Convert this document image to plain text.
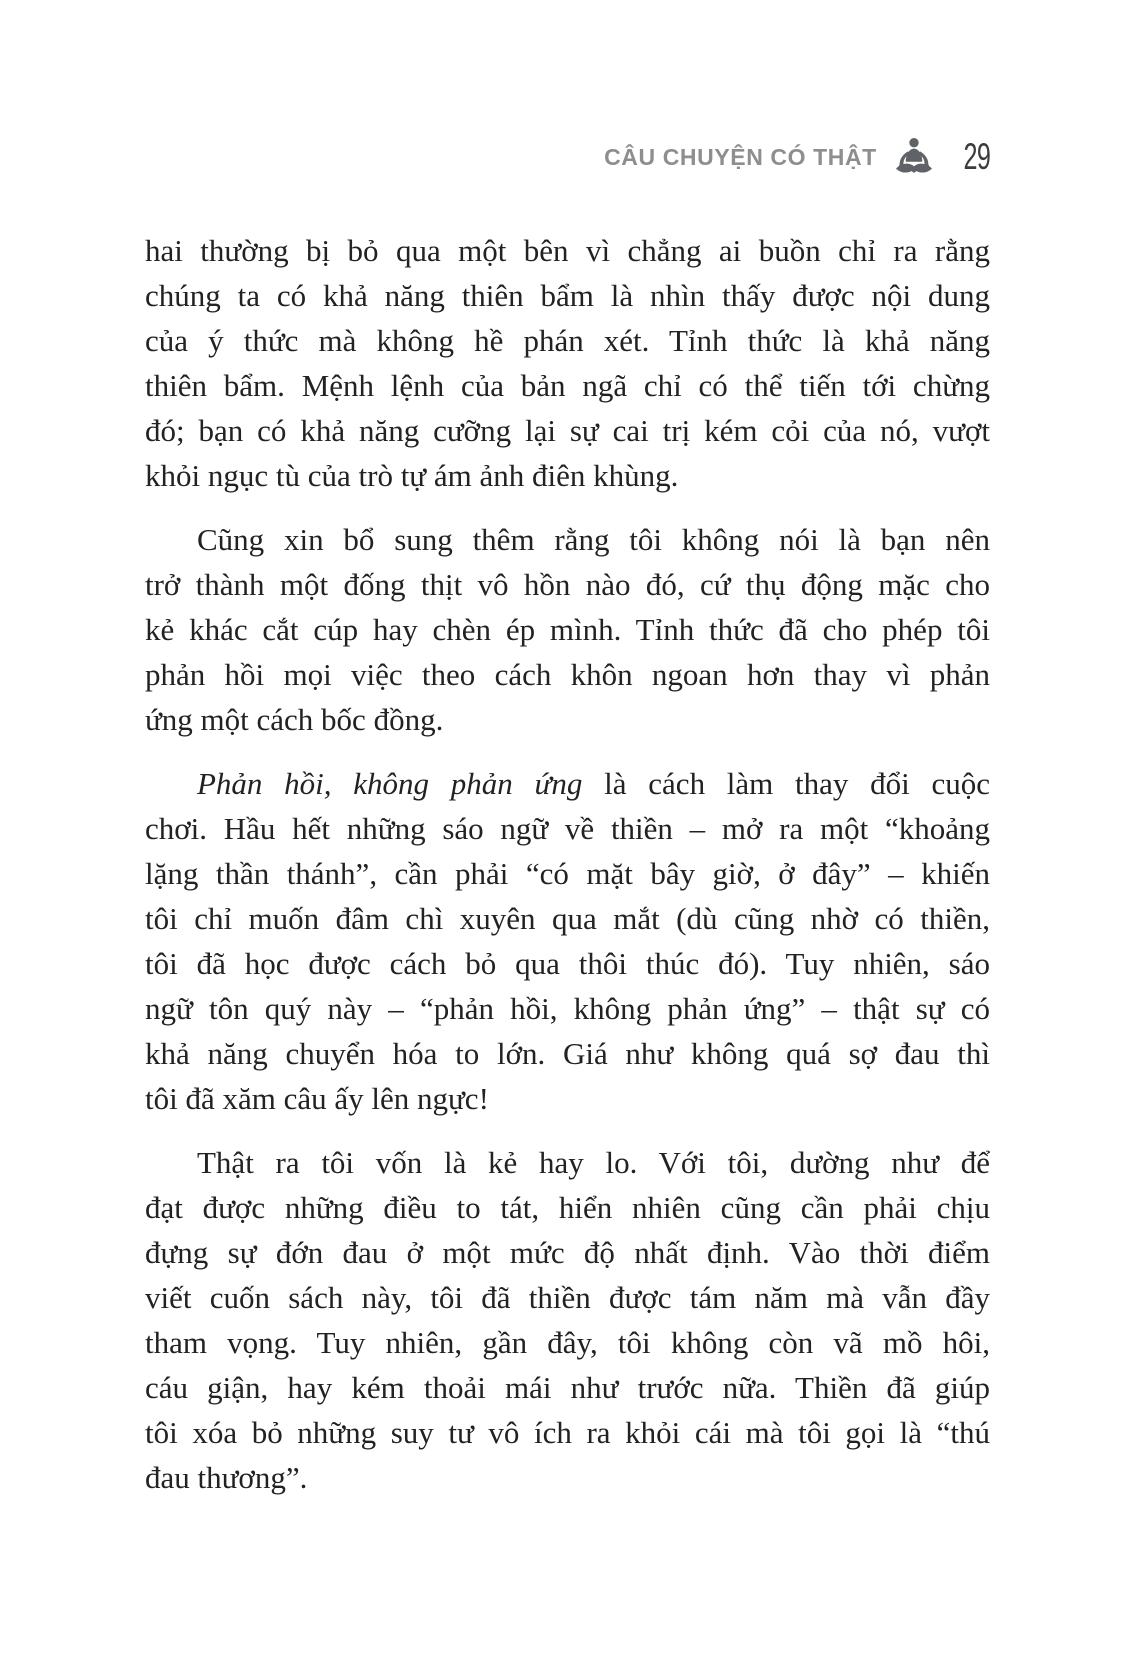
CÂU CHUYỆN CÓ THẬT 29
hai thường bị bỏ qua một bên vì chẳng ai buồn chỉ ra rằng
chúng ta có khả năng thiên bẩm là nhìn thấy được nội dung
của ý thức mà không hề phán xét. Tỉnh thức là khả năng
thiên bẩm. Mệnh lệnh của bản ngã chỉ có thể tiến tới chừng
đó; bạn có khả năng cưỡng lại sự cai trị kém cỏi của nó, vượt
khỏi ngục tù của trò tự ám ảnh điên khùng.
Cũng xin bổ sung thêm rằng tôi không nói là bạn nên
trở thành một đống thịt vô hồn nào đó, cứ thụ động mặc cho
kẻ khác cắt cúp hay chèn ép mình. Tỉnh thức đã cho phép tôi
phản hồi mọi việc theo cách khôn ngoan hơn thay vì phản
ứng một cách bốc đồng.
Phản hồi, không phản ứng là cách làm thay đổi cuộc
chơi. Hầu hết những sáo ngữ về thiền – mở ra một “khoảng
lặng thần thánh”, cần phải “có mặt bây giờ, ở đây” – khiến
tôi chỉ muốn đâm chì xuyên qua mắt (dù cũng nhờ có thiền,
tôi đã học được cách bỏ qua thôi thúc đó). Tuy nhiên, sáo
ngữ tôn quý này – “phản hồi, không phản ứng” – thật sự có
khả năng chuyển hóa to lớn. Giá như không quá sợ đau thì
tôi đã xăm câu ấy lên ngực!
Thật ra tôi vốn là kẻ hay lo. Với tôi, dường như để
đạt được những điều to tát, hiển nhiên cũng cần phải chịu
đựng sự đớn đau ở một mức độ nhất định. Vào thời điểm
viết cuốn sách này, tôi đã thiền được tám năm mà vẫn đầy
tham vọng. Tuy nhiên, gần đây, tôi không còn vã mồ hôi,
cáu giận, hay kém thoải mái như trước nữa. Thiền đã giúp
tôi xóa bỏ những suy tư vô ích ra khỏi cái mà tôi gọi là “thú
đau thương”.
